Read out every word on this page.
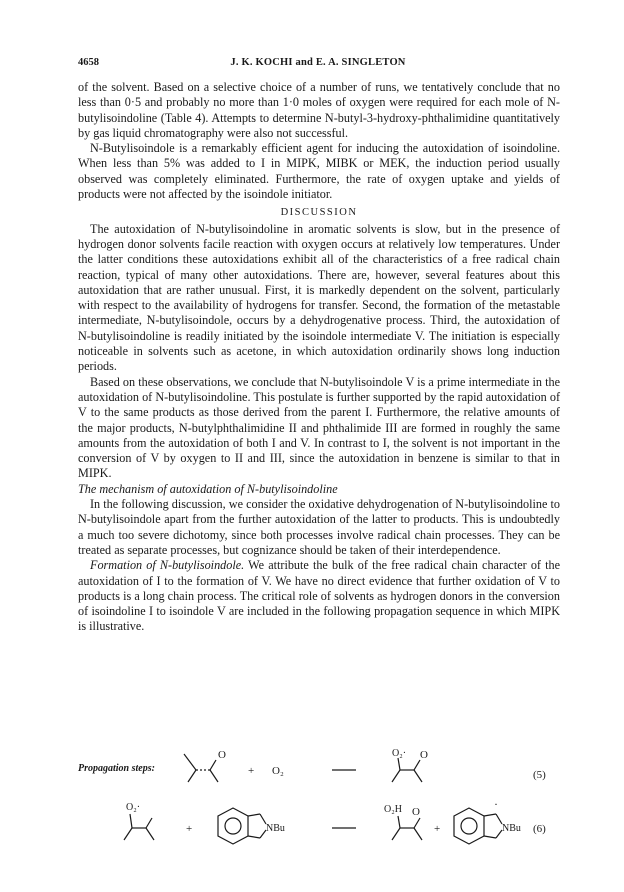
4658	J. K. KOCHI and E. A. SINGLETON

of the solvent. Based on a selective choice of a number of runs, we tentatively conclude that no less than 0·5 and probably no more than 1·0 moles of oxygen were required for each mole of N-butylisoindoline (Table 4). Attempts to determine N-butyl-3-hydroxy-phthalimidine quantitatively by gas liquid chromatography were also not successful.

N-Butylisoindole is a remarkably efficient agent for inducing the autoxidation of isoindoline. When less than 5% was added to I in MIPK, MIBK or MEK, the induction period usually observed was completely eliminated. Furthermore, the rate of oxygen uptake and yields of products were not affected by the isoindole initiator.

DISCUSSION

The autoxidation of N-butylisoindoline in aromatic solvents is slow, but in the presence of hydrogen donor solvents facile reaction with oxygen occurs at relatively low temperatures. Under the latter conditions these autoxidations exhibit all of the characteristics of a free radical chain reaction, typical of many other autoxidations. There are, however, several features about this autoxidation that are rather unusual. First, it is markedly dependent on the solvent, particularly with respect to the availability of hydrogens for transfer. Second, the formation of the metastable intermediate, N-butylisoindole, occurs by a dehydrogenative process. Third, the autoxidation of N-butylisoindoline is readily initiated by the isoindole intermediate V. The initiation is especially noticeable in solvents such as acetone, in which autoxidation ordinarily shows long induction periods.

Based on these observations, we conclude that N-butylisoindole V is a prime intermediate in the autoxidation of N-butylisoindoline. This postulate is further supported by the rapid autoxidation of V to the same products as those derived from the parent I. Furthermore, the relative amounts of the major products, N-butylphthalimidine II and phthalimide III are formed in roughly the same amounts from the autoxidation of both I and V. In contrast to I, the solvent is not important in the conversion of V by oxygen to II and III, since the autoxidation in benzene is similar to that in MIPK.

The mechanism of autoxidation of N-butylisoindoline

In the following discussion, we consider the oxidative dehydrogenation of N-butylisoindoline to N-butylisoindole apart from the further autoxidation of the latter to products. This is undoubtedly a much too severe dichotomy, since both processes involve radical chain processes. They can be treated as separate processes, but cognizance should be taken of their interdependence.

Formation of N-butylisoindole. We attribute the bulk of the free radical chain character of the autoxidation of I to the formation of V. We have no direct evidence that further oxidation of V to products is a long chain process. The critical role of solvents as hydrogen donors in the conversion of isoindoline I to isoindole V are included in the following propagation sequence in which MIPK is illustrative.

Propagation steps:
O
+ O₂
O₂· O
(5)
O₂·
+	NBu
O₂H O
+
·
NBu (6)
